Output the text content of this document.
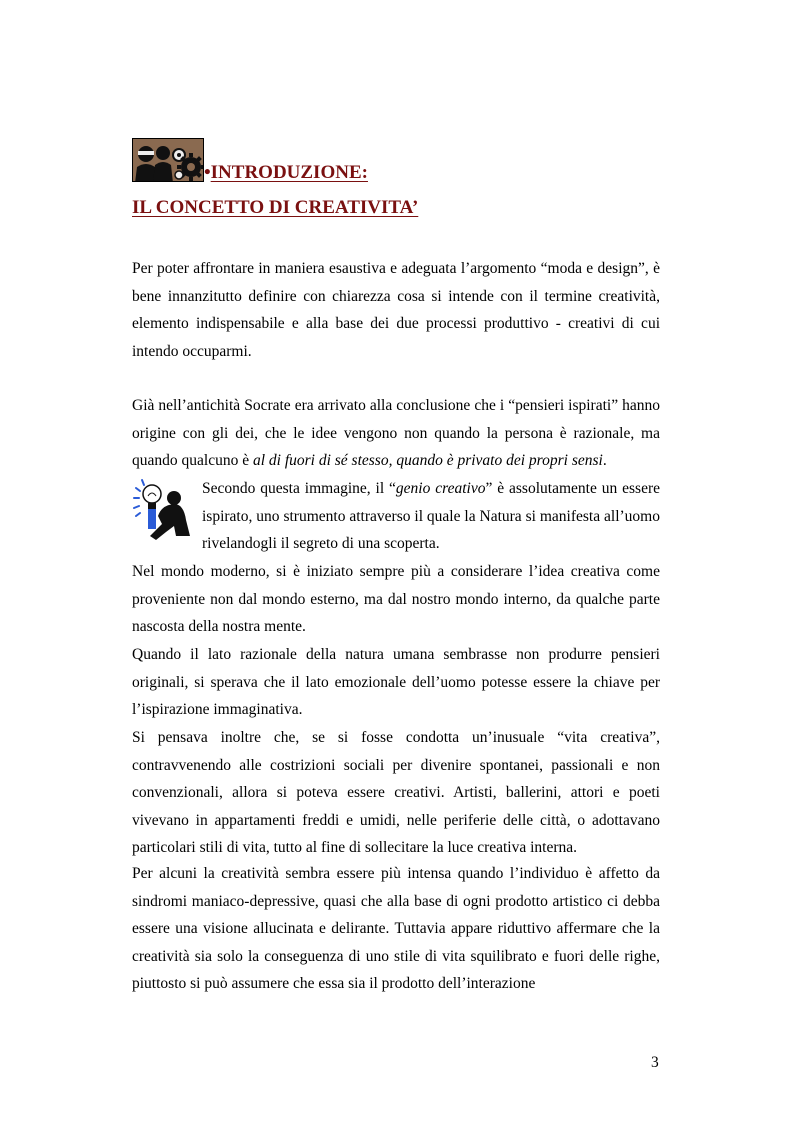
•INTRODUZIONE:
IL CONCETTO DI CREATIVITA’

Per poter affrontare in maniera esaustiva e adeguata l’argomento “moda e design”, è bene innanzitutto definire con chiarezza cosa si intende con il termine creatività, elemento indispensabile e alla base dei due processi produttivo - creativi di cui intendo occuparmi.

Già nell’antichità Socrate era arrivato alla conclusione che i “pensieri ispirati” hanno origine con gli dei, che le idee vengono non quando la persona è razionale, ma quando qualcuno è al di fuori di sé stesso, quando è privato dei propri sensi.

Secondo questa immagine, il “genio creativo” è assolutamente un essere ispirato, uno strumento attraverso il quale la Natura si manifesta all’uomo rivelandogli il segreto di una scoperta.

Nel mondo moderno, si è iniziato sempre più a considerare l’idea creativa come proveniente non dal mondo esterno, ma dal nostro mondo interno, da qualche parte nascosta della nostra mente.

Quando il lato razionale della natura umana sembrasse non produrre pensieri originali, si sperava che il lato emozionale dell’uomo potesse essere la chiave per l’ispirazione immaginativa.

Si pensava inoltre che, se si fosse condotta un’inusuale “vita creativa”, contravvenendo alle costrizioni sociali per divenire spontanei, passionali e non convenzionali, allora si poteva essere creativi. Artisti, ballerini, attori e poeti vivevano in appartamenti freddi e umidi, nelle periferie delle città, o adottavano particolari stili di vita, tutto al fine di sollecitare la luce creativa interna.

Per alcuni la creatività sembra essere più intensa quando l’individuo è affetto da sindromi maniaco-depressive, quasi che alla base di ogni prodotto artistico ci debba essere una visione allucinata e delirante. Tuttavia appare riduttivo affermare che la creatività sia solo la conseguenza di uno stile di vita squilibrato e fuori delle righe, piuttosto si può assumere che essa sia il prodotto dell’interazione

3
